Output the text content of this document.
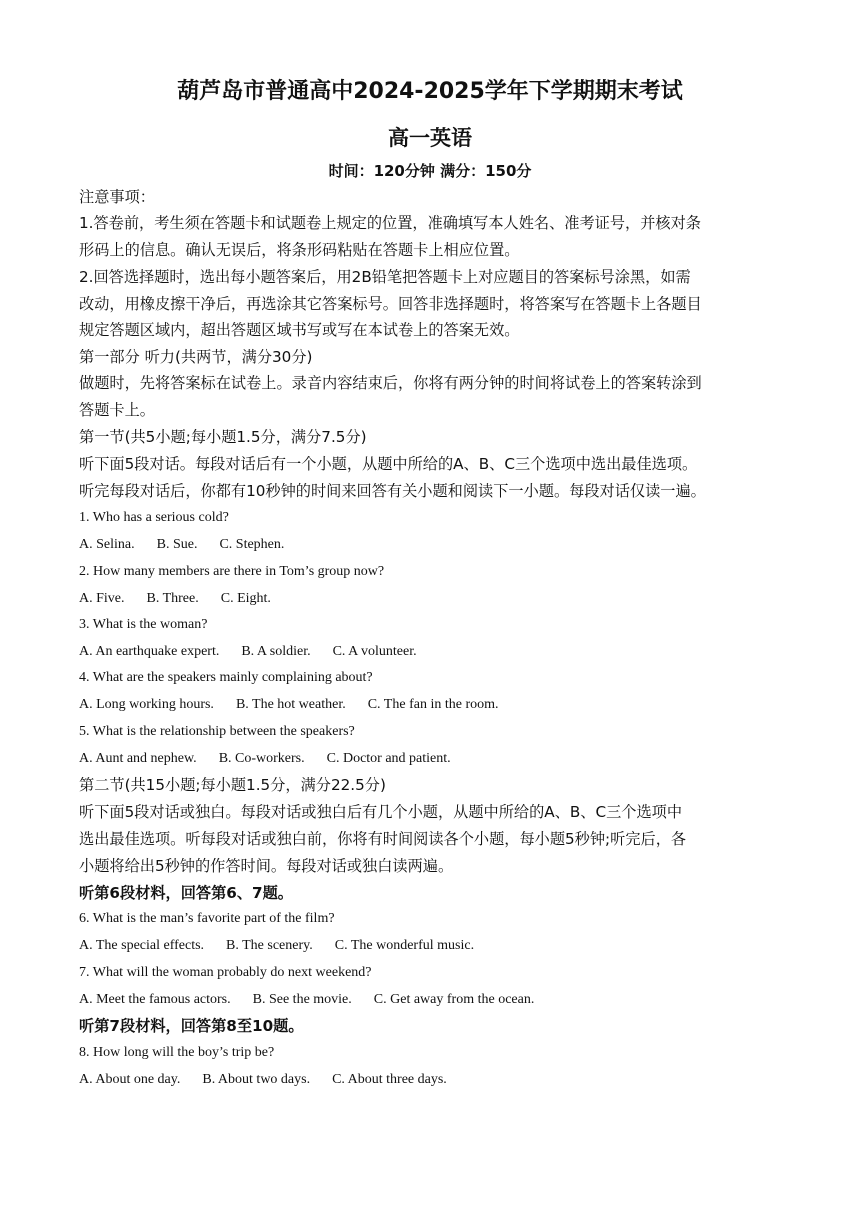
葫芦岛市普通高中2024-2025学年下学期期末考试
高一英语
时间：120分钟 满分：150分
注意事项：
1.答卷前，考生须在答题卡和试题卷上规定的位置，准确填写本人姓名、准考证号，并核对条
形码上的信息。确认无误后，将条形码粘贴在答题卡上相应位置。
2.回答选择题时，选出每小题答案后，用2B铅笔把答题卡上对应题目的答案标号涂黑，如需
改动，用橡皮擦干净后，再选涂其它答案标号。回答非选择题时，将答案写在答题卡上各题目
规定答题区域内，超出答题区域书写或写在本试卷上的答案无效。
第一部分 听力(共两节，满分30分)
做题时，先将答案标在试卷上。录音内容结束后，你将有两分钟的时间将试卷上的答案转涂到
答题卡上。
第一节(共5小题;每小题1.5分，满分7.5分)
听下面5段对话。每段对话后有一个小题，从题中所给的A、B、C三个选项中选出最佳选项。
听完每段对话后，你都有10秒钟的时间来回答有关小题和阅读下一小题。每段对话仅读一遍。
1. Who has a serious cold?
A. Selina. B. Sue. C. Stephen.
2. How many members are there in Tom’s group now?
A. Five. B. Three. C. Eight.
3. What is the woman?
A. An earthquake expert. B. A soldier. C. A volunteer.
4. What are the speakers mainly complaining about?
A. Long working hours. B. The hot weather. C. The fan in the room.
5. What is the relationship between the speakers?
A. Aunt and nephew. B. Co-workers. C. Doctor and patient.
第二节(共15小题;每小题1.5分，满分22.5分)
听下面5段对话或独白。每段对话或独白后有几个小题，从题中所给的A、B、C三个选项中
选出最佳选项。听每段对话或独白前，你将有时间阅读各个小题，每小题5秒钟;听完后，各
小题将给出5秒钟的作答时间。每段对话或独白读两遍。
听第6段材料，回答第6、7题。
6. What is the man’s favorite part of the film?
A. The special effects. B. The scenery. C. The wonderful music.
7. What will the woman probably do next weekend?
A. Meet the famous actors. B. See the movie. C. Get away from the ocean.
听第7段材料，回答第8至10题。
8. How long will the boy’s trip be?
A. About one day. B. About two days. C. About three days.
